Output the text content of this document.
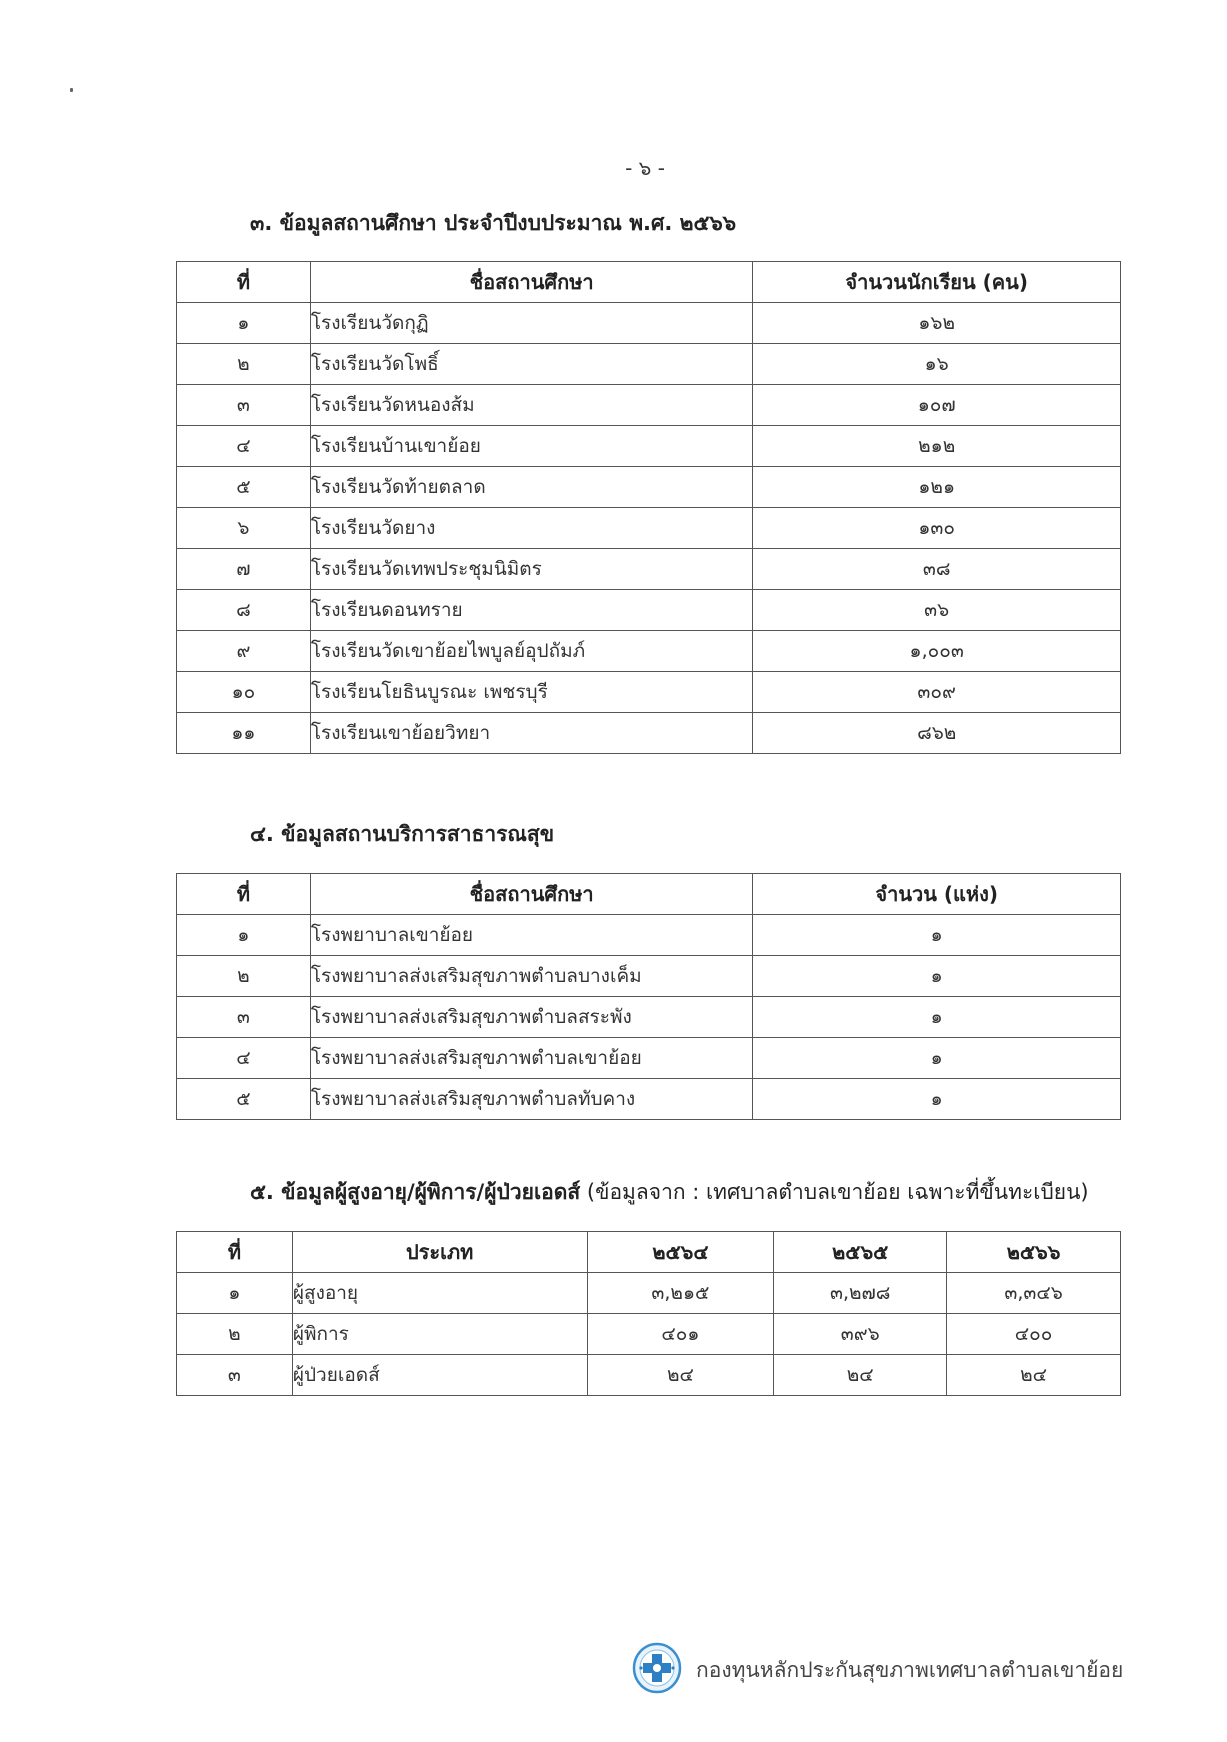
- ๖ -
๓. ข้อมูลสถานศึกษา ประจำปีงบประมาณ พ.ศ. ๒๕๖๖
ที่	ชื่อสถานศึกษา	จำนวนนักเรียน (คน)
๑	โรงเรียนวัดกุฏิ	๑๖๒
๒	โรงเรียนวัดโพธิ์	๑๖
๓	โรงเรียนวัดหนองส้ม	๑๐๗
๔	โรงเรียนบ้านเขาย้อย	๒๑๒
๕	โรงเรียนวัดท้ายตลาด	๑๒๑
๖	โรงเรียนวัดยาง	๑๓๐
๗	โรงเรียนวัดเทพประชุมนิมิตร	๓๘
๘	โรงเรียนดอนทราย	๓๖
๙	โรงเรียนวัดเขาย้อยไพบูลย์อุปถัมภ์	๑,๐๐๓
๑๐	โรงเรียนโยธินบูรณะ เพชรบุรี	๓๐๙
๑๑	โรงเรียนเขาย้อยวิทยา	๘๖๒
๔. ข้อมูลสถานบริการสาธารณสุข
ที่	ชื่อสถานศึกษา	จำนวน (แห่ง)
๑	โรงพยาบาลเขาย้อย	๑
๒	โรงพยาบาลส่งเสริมสุขภาพตำบลบางเค็ม	๑
๓	โรงพยาบาลส่งเสริมสุขภาพตำบลสระพัง	๑
๔	โรงพยาบาลส่งเสริมสุขภาพตำบลเขาย้อย	๑
๕	โรงพยาบาลส่งเสริมสุขภาพตำบลทับคาง	๑
๕. ข้อมูลผู้สูงอายุ/ผู้พิการ/ผู้ป่วยเอดส์ (ข้อมูลจาก : เทศบาลตำบลเขาย้อย เฉพาะที่ขึ้นทะเบียน)
ที่	ประเภท	๒๕๖๔	๒๕๖๕	๒๕๖๖
๑	ผู้สูงอายุ	๓,๒๑๕	๓,๒๗๘	๓,๓๔๖
๒	ผู้พิการ	๔๐๑	๓๙๖	๔๐๐
๓	ผู้ป่วยเอดส์	๒๔	๒๔	๒๔
กองทุนหลักประกันสุขภาพเทศบาลตำบลเขาย้อย
